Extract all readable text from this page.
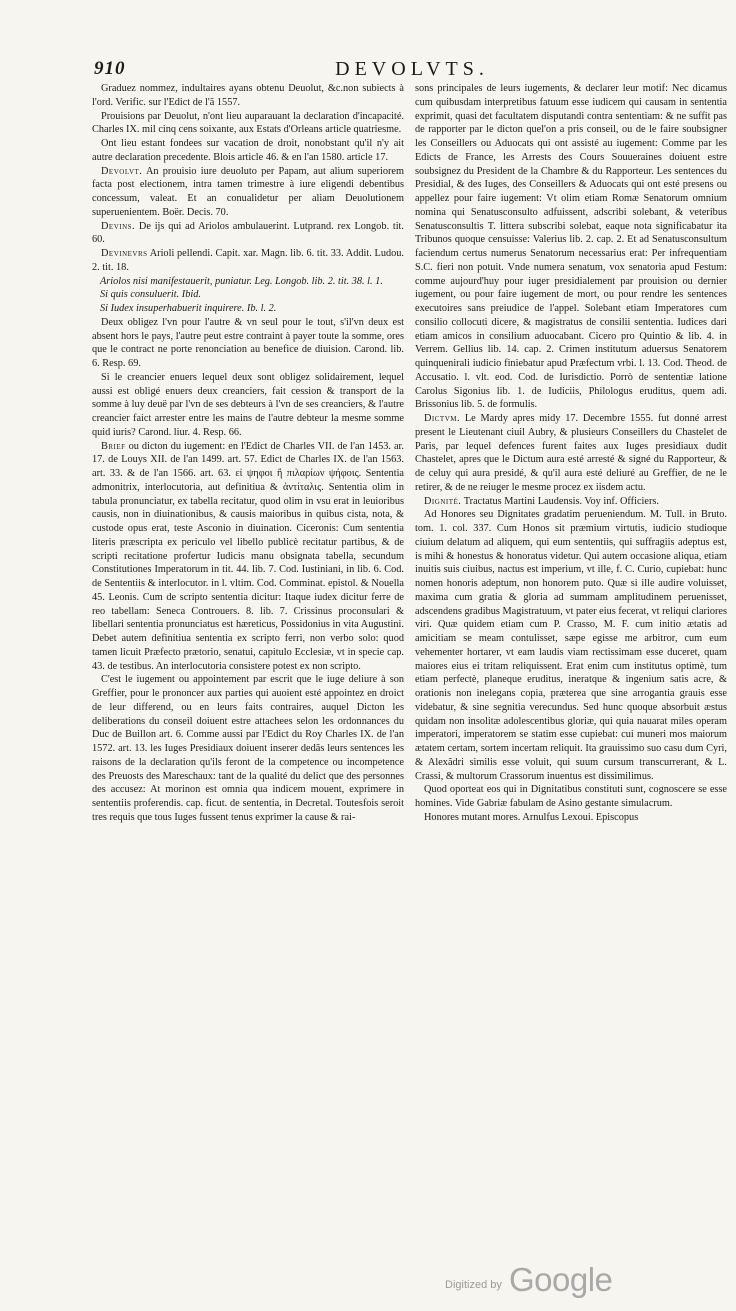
910	DEVOLVTS.

Graduez nommez, indultaires ayans obtenu Deuolut, &c.non subiects à l'ord. Verific. sur l'Edict de l'ã 1557.

Prouisions par Deuolut, n'ont lieu auparauant la declaration d'incapacité. Charles IX. mil cinq cens soixante, aux Estats d'Orleans article quatriesme.

Ont lieu estant fondees sur vacation de droit, nonobstant qu'il n'y ait autre declaration precedente. Blois article 46. & en l'an 1580. article 17.

Devolvt. An prouisio iure deuoluto per Papam, aut alium superiorem facta post electionem, intra tamen trimestre à iure eligendi debentibus concessum, valeat. Et an conualidetur per aliam Deuolutionem superuenientem. Boër. Decis. 70.

Devins. De ijs qui ad Ariolos ambulauerint. Lutprand. rex Longob. tit. 60.

Devinevrs Arioli pellendi. Capit. xar. Magn. lib. 6. tit. 33. Addit. Ludou. 2. tit. 18.

Ariolos nisi manifestauerit, puniatur. Leg. Longob. lib. 2. tit. 38. l. 1.

Si quis consuluerit. Ibid.

Si Iudex insuperhabuerit inquirere. Ib. l. 2.

Deux obligez l'vn pour l'autre & vn seul pour le tout, s'il'vn deux est absent hors le pays, l'autre peut estre contraint à payer toute la somme, ores que le contract ne porte renonciation au benefice de diuision. Carond. lib. 6. Resp. 69.

Si le creancier enuers lequel deux sont obligez solidairement, lequel aussi est obligé enuers deux creanciers, fait cession & transport de la somme à luy deuë par l'vn de ses debteurs à l'vn de ses creanciers, & l'autre creancier faict arrester entre les mains de l'autre debteur la mesme somme quid iuris? Carond. liur. 4. Resp. 66.

Brief ou dicton du iugement: en l'Edict de Charles VII. de l'an 1453. ar. 17. de Louys XII. de l'an 1499. art. 57. Edict de Charles IX. de l'an 1563. art. 33. & de l'an 1566. art. 63. εἰ ψηφοι ἢ πιλαρίων ψήφοις. Sententia admonitrix, interlocutoria, aut definitiua & ἀντίταλις. Sententia olim in tabula pronunciatur, ex tabella recitatur, quod olim in vsu erat in leuioribus causis, non in diuinationibus, & causis maioribus in quibus cista, nota, & custode opus erat, teste Asconio in diuination. Ciceronis: Cum sententia literis præscripta ex periculo vel libello publicè recitatur partibus, & de scripti recitatione profertur Iudicis manu obsignata tabella, secundum Constitutiones Imperatorum in tit. 44. lib. 7. Cod. Iustiniani, in lib. 6. Cod. de Sententiis & interlocutor. in l. vltim. Cod. Comminat. epistol. & Nouella 45. Leonis. Cum de scripto sententia dicitur: Itaque iudex dicitur ferre de reo tabellam: Seneca Controuers. 8. lib. 7. Crissinus proconsulari & libellari sententia pronunciatus est hæreticus, Possidonius in vita Augustini. Debet autem definitiua sententia ex scripto ferri, non verbo solo: quod tamen licuit Præfecto prætorio, senatui, capitulo Ecclesiæ, vt in specie cap. 43. de testibus. An interlocutoria consistere potest ex non scripto.

C'est le iugement ou appointement par escrit que le iuge deliure à son Greffier, pour le prononcer aux parties qui auoient esté appointez en droict de leur differend, ou en leurs faits contraires, auquel Dicton les deliberations du conseil doiuent estre attachees selon les ordonnances du Duc de Buillon art. 6. Comme aussi par l'Edict du Roy Charles IX. de l'an 1572. art. 13. les Iuges Presidiaux doiuent inserer dedãs leurs sentences les raisons de la declaration qu'ils feront de la competence ou incompetence des Preuosts des Mareschaux: tant de la qualité du delict que des personnes des accusez: At morinon est omnia qua indicem mouent, exprimere in sententiis proferendis. cap. ficut. de sententia, in Decretal. Toutesfois seroit tres requis que tous Iuges fussent tenus exprimer la cause & rai-

sons principales de leurs iugements, & declarer leur motif: Nec dicamus cum quibusdam interpretibus fatuum esse iudicem qui causam in sententia exprimit, quasi det facultatem disputandi contra sententiam: & ne suffit pas de rapporter par le dicton quel'on a pris conseil, ou de le faire soubsigner les Conseillers ou Aduocats qui ont assisté au iugement: Comme par les Edicts de France, les Arrests des Cours Souueraines doiuent estre soubsignez du President de la Chambre & du Rapporteur. Les sentences du Presidial, & des Iuges, des Conseillers & Aduocats qui ont esté presens ou appellez pour faire iugement: Vt olim etiam Romæ Senatorum omnium nomina qui Senatusconsulto adfuissent, adscribi solebant, & veteribus Senatusconsultis T. littera subscribi solebat, eaque nota significabatur ita Tribunos quoque censuisse: Valerius lib. 2. cap. 2. Et ad Senatusconsultum faciendum certus numerus Senatorum necessarius erat: Per infrequentiam S.C. fieri non potuit. Vnde numera senatum, vox senatoria apud Festum: comme aujourd'huy pour iuger presidialement par prouision ou dernier iugement, ou pour faire iugement de mort, ou pour rendre les sentences executoires sans preiudice de l'appel. Solebant etiam Imperatores cum consilio collocuti dicere, & magistratus de consilii sententia. Iudices dari etiam amicos in consilium aduocabant. Cicero pro Quintio & lib. 4. in Verrem. Gellius lib. 14. cap. 2. Crimen institutum aduersus Senatorem quinquenirali iudicio finiebatur apud Præfectum vrbi. l. 13. Cod. Theod. de Accusatio. l. vlt. eod. Cod. de Iurisdictio. Porrò de sententiæ latione Carolus Sigonius lib. 1. de Iudiciis, Philologus eruditus, quem adi. Brissonius lib. 5. de formulis.

Dictvm. Le Mardy apres midy 17. Decembre 1555. fut donné arrest present le Lieutenant ciuil Aubry, & plusieurs Conseillers du Chastelet de Paris, par lequel defences furent faites aux Iuges presidiaux dudit Chastelet, apres que le Dictum aura esté arresté & signé du Rapporteur, & de celuy qui aura presidé, & qu'il aura esté deliuré au Greffier, de ne le retirer, & de ne reiuger le mesme procez ex iisdem actu.

Dignité. Tractatus Martini Laudensis. Voy inf. Officiers.

Ad Honores seu Dignitates gradatim perueniendum. M. Tull. in Bruto. tom. 1. col. 337. Cum Honos sit præmium virtutis, iudicio studioque ciuium delatum ad aliquem, qui eum sententiis, qui suffragiis adeptus est, is mihi & honestus & honoratus videtur. Qui autem occasione aliqua, etiam inuitis suis ciuibus, nactus est imperium, vt ille, f. C. Curio, cupiebat: hunc nomen honoris adeptum, non honorem puto. Quæ si ille audire voluisset, maxima cum gratia & gloria ad summam amplitudinem peruenisset, adscendens gradibus Magistratuum, vt pater eius fecerat, vt reliqui clariores viri. Quæ quidem etiam cum P. Crasso, M. F. cum initio ætatis ad amicitiam se meam contulisset, sæpe egisse me arbitror, cum eum vehementer hortarer, vt eam laudis viam rectissimam esse duceret, quam maiores eius ei tritam reliquissent. Erat enim cum institutus optimè, tum etiam perfectè, planeque eruditus, ineratque & ingenium satis acre, & orationis non inelegans copia, præterea que sine arrogantia grauis esse videbatur, & sine segnitia verecundus. Sed hunc quoque absorbuit æstus quidam non insolitæ adolescentibus gloriæ, qui quia nauarat miles operam imperatori, imperatorem se statim esse cupiebat: cui muneri mos maiorum ætatem certam, sortem incertam reliquit. Ita grauissimo suo casu dum Cyri, & Alexãdri similis esse voluit, qui suum cursum transcurrerant, & L. Crassi, & multorum Crassorum inuentus est dissimilimus.

Quod oporteat eos qui in Dignitatibus constituti sunt, cognoscere se esse homines. Vide Gabriæ fabulam de Asino gestante simulacrum.

Honores mutant mores. Arnulfus Lexoui. Episcopus

Digitized by Google
